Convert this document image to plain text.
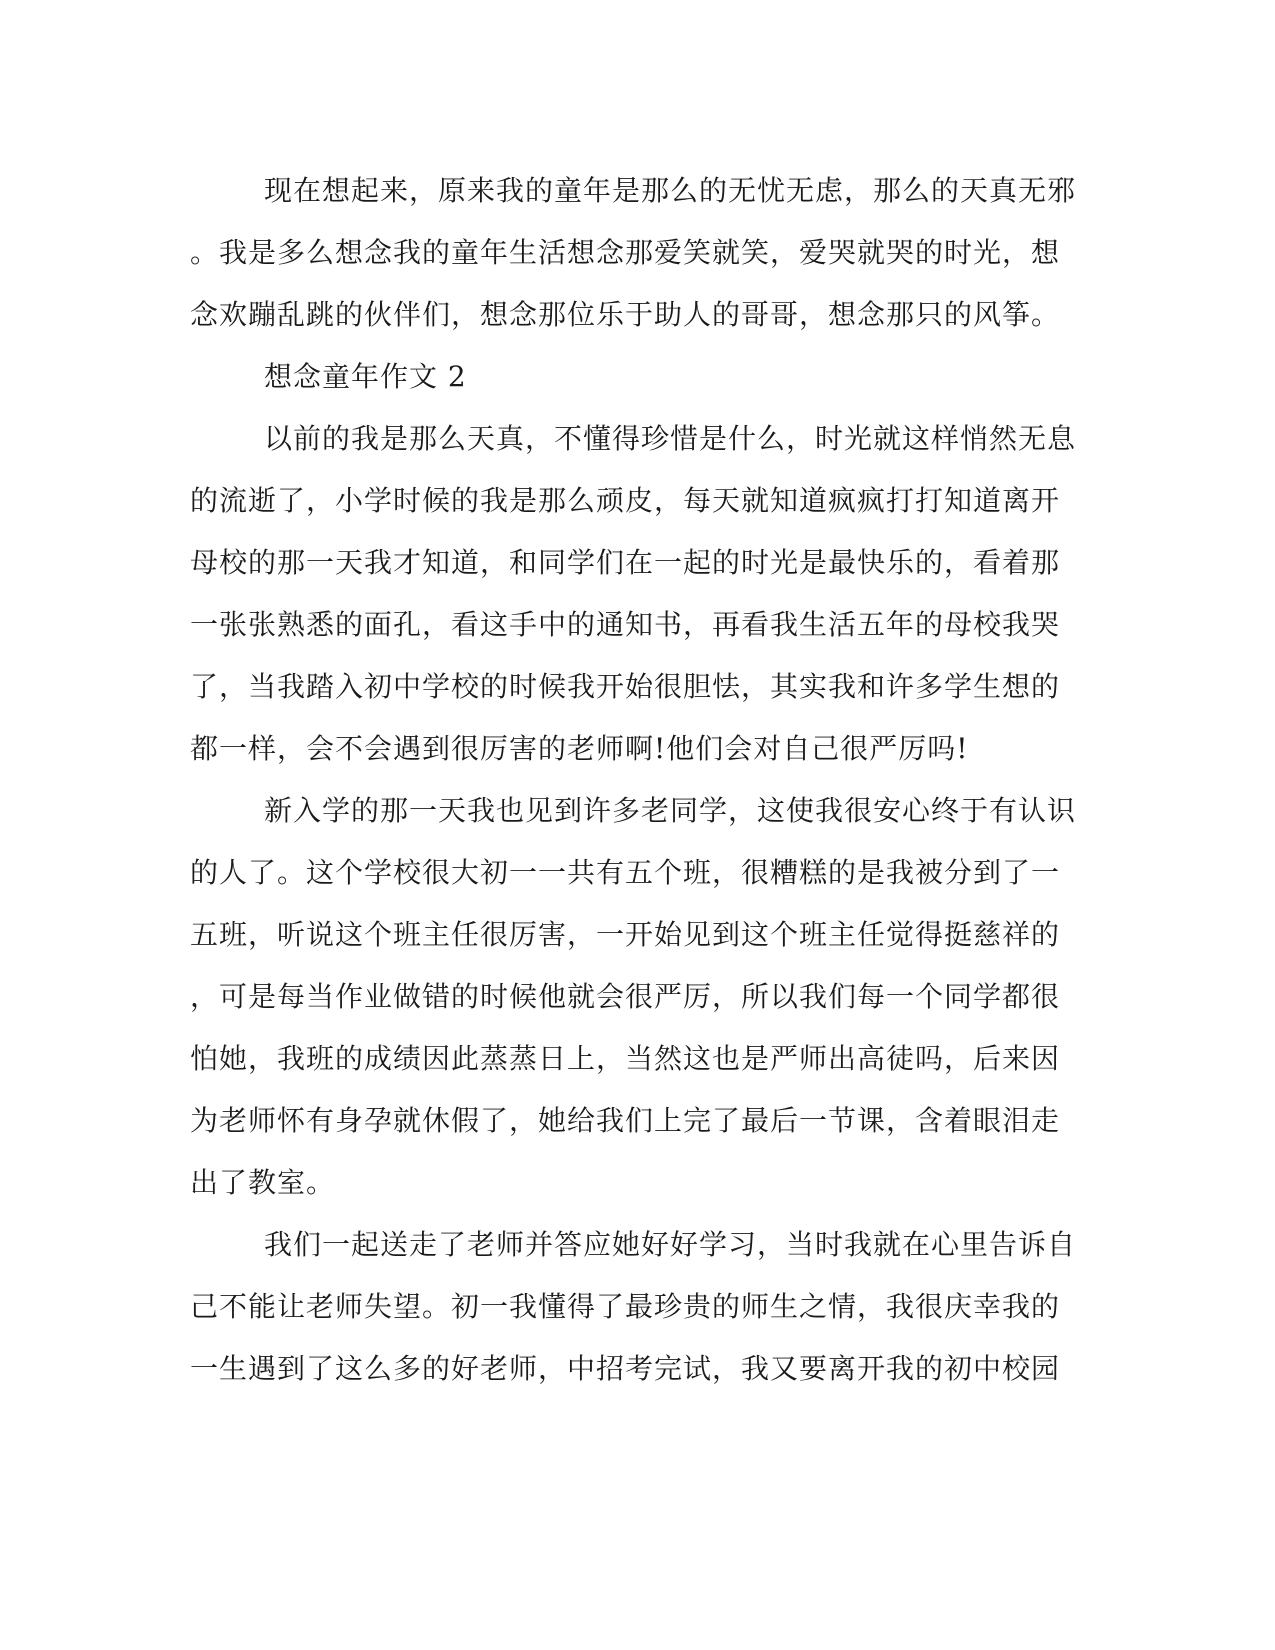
现在想起来，原来我的童年是那么的无忧无虑，那么的天真无邪
。我是多么想念我的童年生活想念那爱笑就笑，爱哭就哭的时光，想
念欢蹦乱跳的伙伴们，想念那位乐于助人的哥哥，想念那只的风筝。
想念童年作文 2
以前的我是那么天真，不懂得珍惜是什么，时光就这样悄然无息
的流逝了，小学时候的我是那么顽皮，每天就知道疯疯打打知道离开
母校的那一天我才知道，和同学们在一起的时光是最快乐的，看着那
一张张熟悉的面孔，看这手中的通知书，再看我生活五年的母校我哭
了，当我踏入初中学校的时候我开始很胆怯，其实我和许多学生想的
都一样，会不会遇到很厉害的老师啊!他们会对自己很严厉吗!
新入学的那一天我也见到许多老同学，这使我很安心终于有认识
的人了。这个学校很大初一一共有五个班，很糟糕的是我被分到了一
五班，听说这个班主任很厉害，一开始见到这个班主任觉得挺慈祥的
，可是每当作业做错的时候他就会很严厉，所以我们每一个同学都很
怕她，我班的成绩因此蒸蒸日上，当然这也是严师出高徒吗，后来因
为老师怀有身孕就休假了，她给我们上完了最后一节课，含着眼泪走
出了教室。
我们一起送走了老师并答应她好好学习，当时我就在心里告诉自
己不能让老师失望。初一我懂得了最珍贵的师生之情，我很庆幸我的
一生遇到了这么多的好老师，中招考完试，我又要离开我的初中校园
